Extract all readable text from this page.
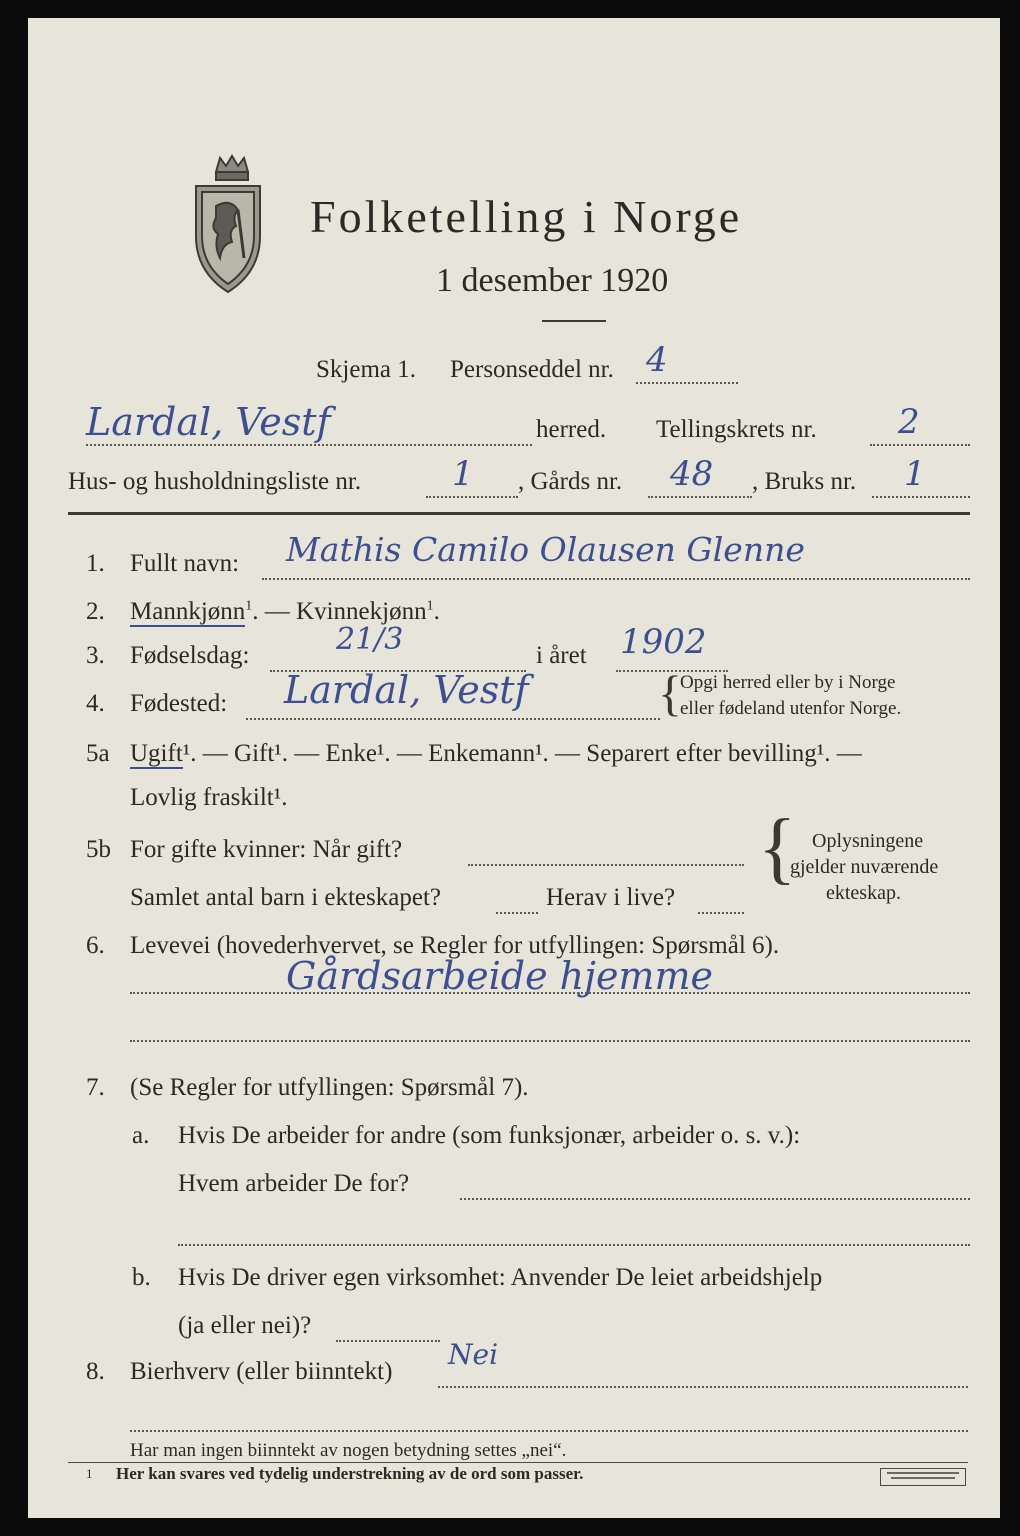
Folketelling i Norge
1 desember 1920
Skjema 1. Personseddel nr. 4
Lardal, Vestf	herred. Tellingskrets nr. 2
Hus- og husholdningsliste nr.	1 , Gårds nr. 48 , Bruks nr. 1
1. Fullt navn: Mathis Camilo Olausen Glenne
2. Mannkjønn$^1$. — Kvinnekjønn$^1$.
3. Fødselsdag:	21/3	i året 1902
4. Fødested: Lardal, Vestf	{
Opgi herred eller by i Norge
eller fødeland utenfor Norge.
5a Ugift¹. — Gift¹. — Enke¹. — Enkemann¹. — Separert efter bevilling¹. —
Lovlig fraskilt¹.
5b For gifte kvinner: Når gift?
Samlet antal barn i ekteskapet?	Herav i live?
{ Oplysningene
gjelder nuværende
ekteskap.
6. Levevei (hovederhvervet, se Regler for utfyllingen: Spørsmål 6).
Gårdsarbeide hjemme
7. (Se Regler for utfyllingen: Spørsmål 7).
a. Hvis De arbeider for andre (som funksjonær, arbeider o. s. v.):
Hvem arbeider De for?
b. Hvis De driver egen virksomhet: Anvender De leiet arbeidshjelp
(ja eller nei)?
8. Bierhverv (eller biinntekt)
Nei
Har man ingen biinntekt av nogen betydning settes „nei“.
1 Her kan svares ved tydelig understrekning av de ord som passer.
